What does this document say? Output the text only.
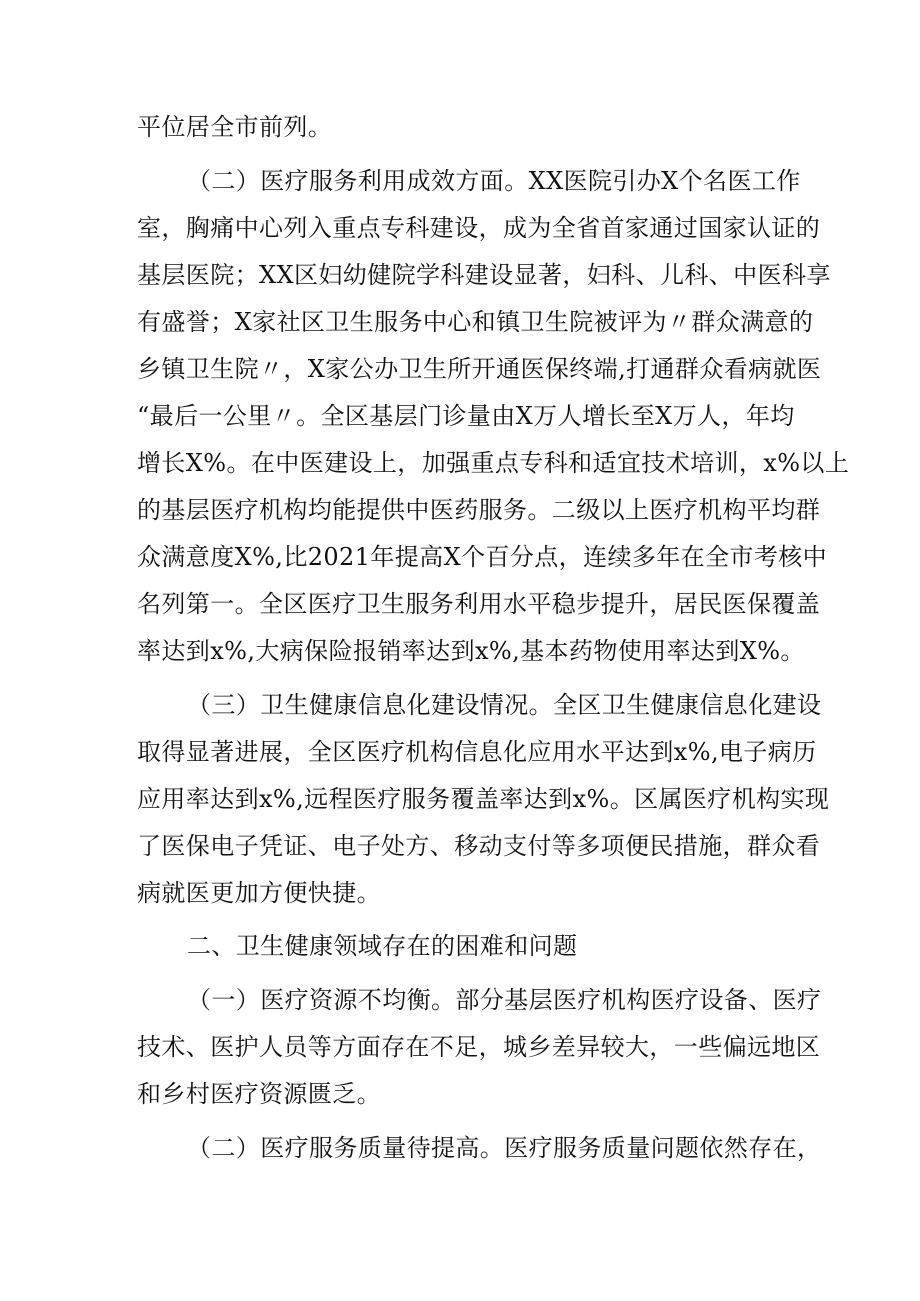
平位居全市前列。
（二）医疗服务利用成效方面。XX医院引办X个名医工作
室，胸痛中心列入重点专科建设，成为全省首家通过国家认证的
基层医院；XX区妇幼健院学科建设显著，妇科、儿科、中医科享
有盛誉；X家社区卫生服务中心和镇卫生院被评为〃群众满意的
乡镇卫生院〃，X家公办卫生所开通医保终端,打通群众看病就医
“最后一公里〃。全区基层门诊量由X万人增长至X万人，年均
增长X%。在中医建设上，加强重点专科和适宜技术培训，x%以上
的基层医疗机构均能提供中医药服务。二级以上医疗机构平均群
众满意度X%,比2021年提高X个百分点，连续多年在全市考核中
名列第一。全区医疗卫生服务利用水平稳步提升，居民医保覆盖
率达到x%,大病保险报销率达到x%,基本药物使用率达到X%。
（三）卫生健康信息化建设情况。全区卫生健康信息化建设
取得显著进展，全区医疗机构信息化应用水平达到x%,电子病历
应用率达到x%,远程医疗服务覆盖率达到x%。区属医疗机构实现
了医保电子凭证、电子处方、移动支付等多项便民措施，群众看
病就医更加方便快捷。
二、卫生健康领域存在的困难和问题
（一）医疗资源不均衡。部分基层医疗机构医疗设备、医疗
技术、医护人员等方面存在不足，城乡差异较大，一些偏远地区
和乡村医疗资源匮乏。
（二）医疗服务质量待提高。医疗服务质量问题依然存在，
